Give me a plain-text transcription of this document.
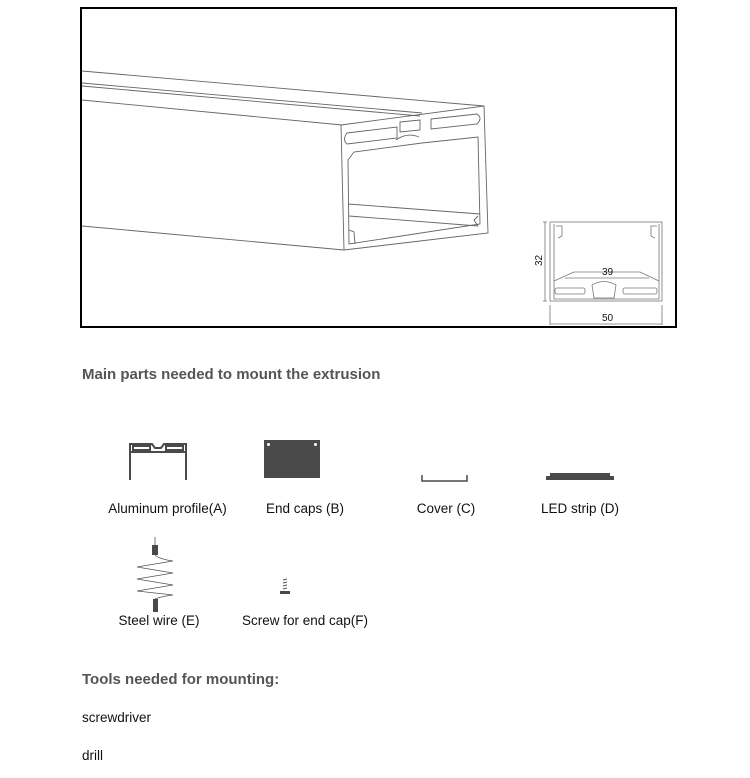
32
39
50
Main parts needed to mount the extrusion
Aluminum profile(A)	End caps (B)	Cover (C)	LED strip (D)
Steel wire (E)	Screw for end cap(F)
Tools needed for mounting:
screwdriver
drill
